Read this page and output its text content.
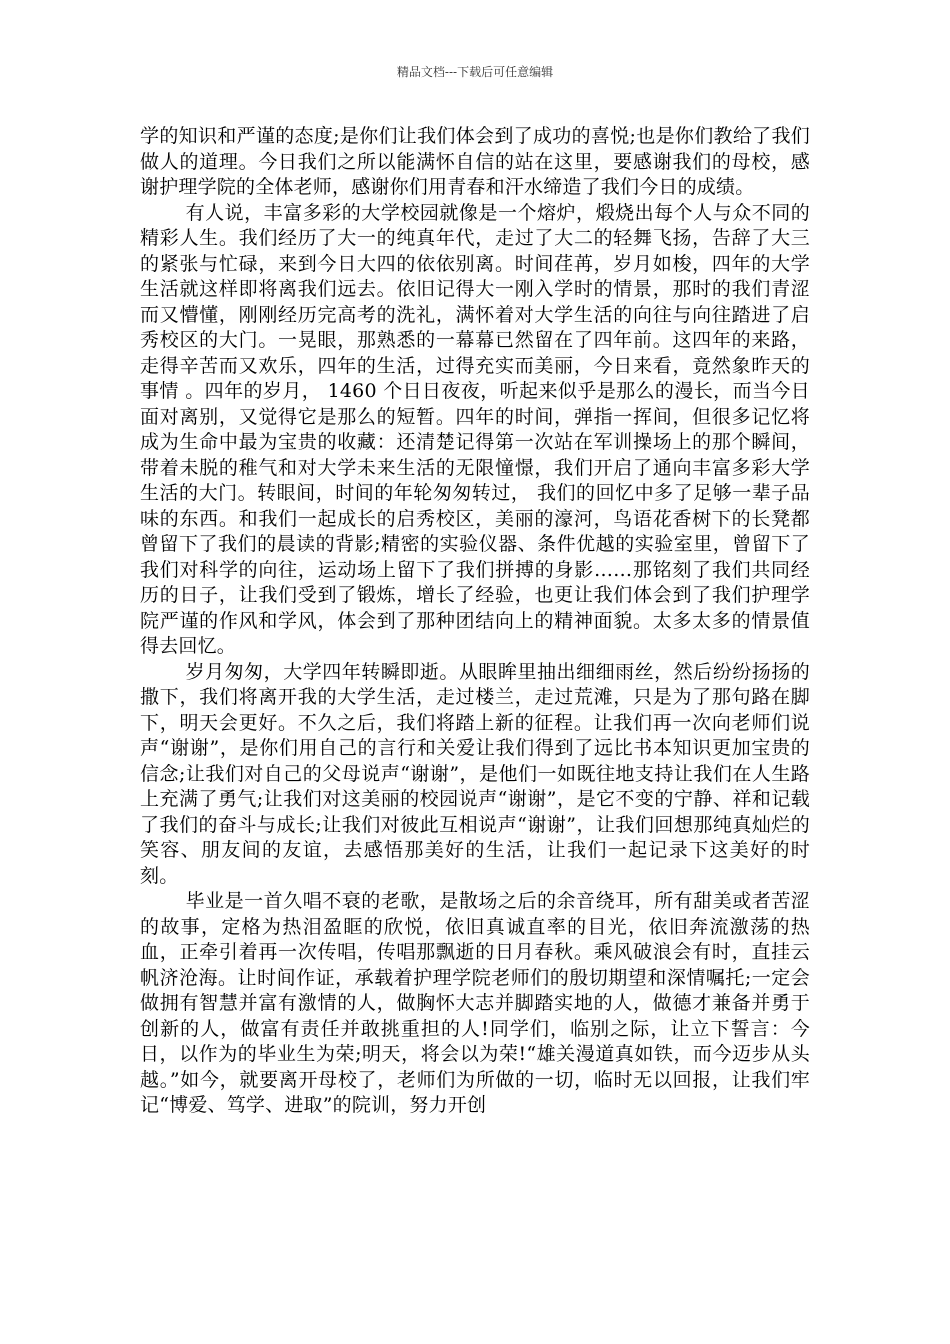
精品文档---下载后可任意编辑

学的知识和严谨的态度;是你们让我们体会到了成功的喜悦;也是你们教给了我们做人的道理。今日我们之所以能满怀自信的站在这里，要感谢我们的母校，感谢护理学院的全体老师，感谢你们用青春和汗水缔造了我们今日的成绩。

有人说，丰富多彩的大学校园就像是一个熔炉，煅烧出每个人与众不同的精彩人生。我们经历了大一的纯真年代，走过了大二的轻舞飞扬，告辞了大三的紧张与忙碌，来到今日大四的依依别离。时间荏苒，岁月如梭，四年的大学生活就这样即将离我们远去。依旧记得大一刚入学时的情景，那时的我们青涩而又懵懂，刚刚经历完高考的洗礼，满怀着对大学生活的向往与向往踏进了启秀校区的大门。一晃眼，那熟悉的一幕幕已然留在了四年前。这四年的来路，走得辛苦而又欢乐，四年的生活，过得充实而美丽，今日来看，竟然象昨天的事情 。四年的岁月， 1460 个日日夜夜，听起来似乎是那么的漫长，而当今日面对离别，又觉得它是那么的短暂。四年的时间，弹指一挥间，但很多记忆将成为生命中最为宝贵的收藏：还清楚记得第一次站在军训操场上的那个瞬间，带着未脱的稚气和对大学未来生活的无限憧憬，我们开启了通向丰富多彩大学生活的大门。转眼间，时间的年轮匆匆转过， 我们的回忆中多了足够一辈子品味的东西。和我们一起成长的启秀校区，美丽的濠河，鸟语花香树下的长凳都曾留下了我们的晨读的背影;精密的实验仪器、条件优越的实验室里，曾留下了我们对科学的向往，运动场上留下了我们拼搏的身影……那铭刻了我们共同经历的日子，让我们受到了锻炼，增长了经验，也更让我们体会到了我们护理学院严谨的作风和学风，体会到了那种团结向上的精神面貌。太多太多的情景值得去回忆。

岁月匆匆，大学四年转瞬即逝。从眼眸里抽出细细雨丝，然后纷纷扬扬的撒下，我们将离开我的大学生活，走过楼兰，走过荒滩，只是为了那句路在脚下，明天会更好。不久之后，我们将踏上新的征程。让我们再一次向老师们说声“谢谢”，是你们用自己的言行和关爱让我们得到了远比书本知识更加宝贵的信念;让我们对自己的父母说声“谢谢”，是他们一如既往地支持让我们在人生路上充满了勇气;让我们对这美丽的校园说声“谢谢”，是它不变的宁静、祥和记载了我们的奋斗与成长;让我们对彼此互相说声“谢谢”，让我们回想那纯真灿烂的笑容、朋友间的友谊，去感悟那美好的生活，让我们一起记录下这美好的时刻。

毕业是一首久唱不衰的老歌，是散场之后的余音绕耳，所有甜美或者苦涩的故事，定格为热泪盈眶的欣悦，依旧真诚直率的目光，依旧奔流激荡的热血，正牵引着再一次传唱，传唱那飘逝的日月春秋。乘风破浪会有时，直挂云帆济沧海。让时间作证，承载着护理学院老师们的殷切期望和深情嘱托;一定会做拥有智慧并富有激情的人，做胸怀大志并脚踏实地的人，做德才兼备并勇于创新的人，做富有责任并敢挑重担的人!同学们，临别之际，让立下誓言：今日，以作为的毕业生为荣;明天，将会以为荣!“雄关漫道真如铁，而今迈步从头越。”如今，就要离开母校了，老师们为所做的一切，临时无以回报，让我们牢记“博爱、笃学、进取”的院训，努力开创
